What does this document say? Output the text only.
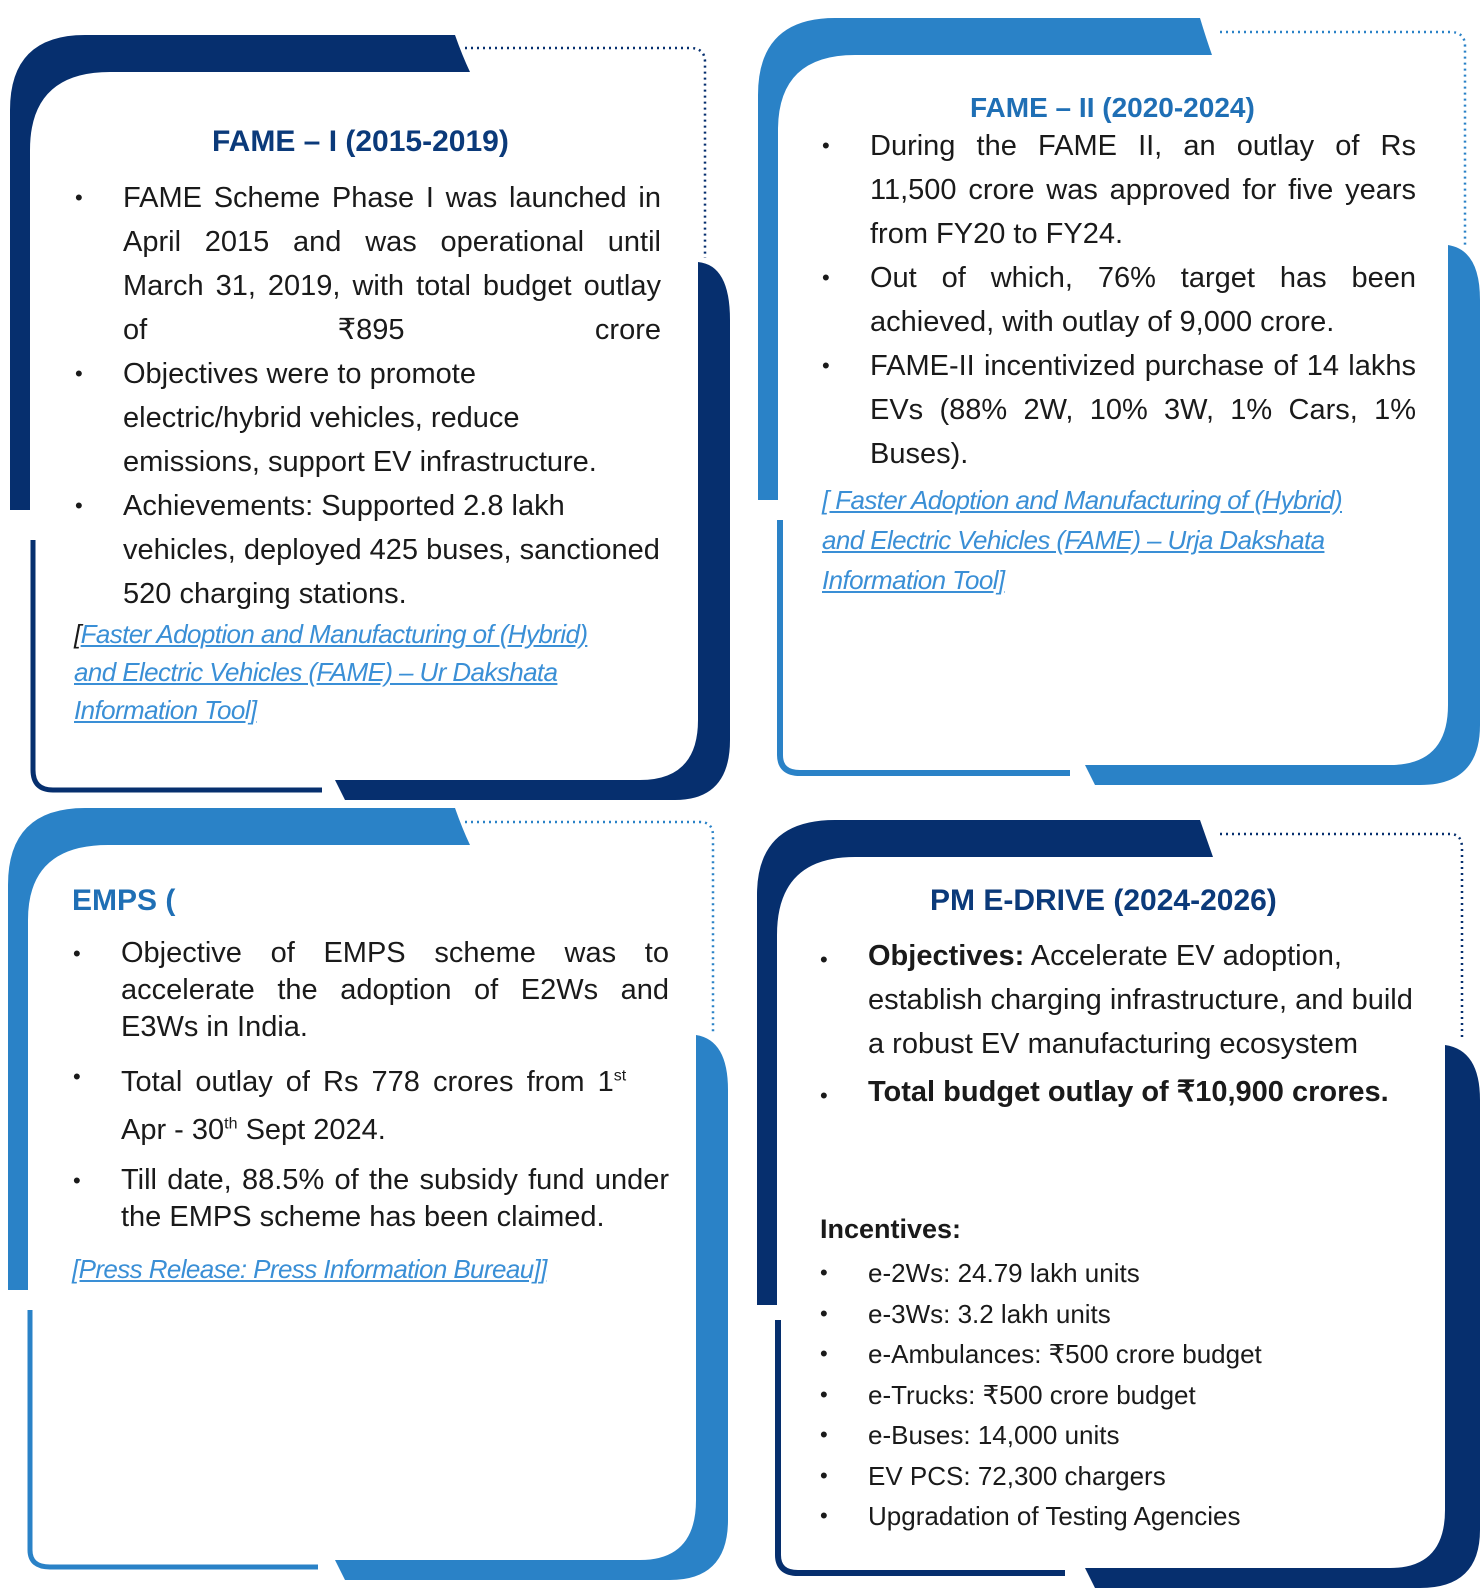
FAME – I (2015-2019)
• FAME Scheme Phase I was launched in April 2015 and was operational until March 31, 2019, with total budget outlay of ₹895 crore
• Objectives were to promote electric/hybrid vehicles, reduce emissions, support EV infrastructure.
• Achievements: Supported 2.8 lakh vehicles, deployed 425 buses, sanctioned 520 charging stations.
[Faster Adoption and Manufacturing of (Hybrid) and Electric Vehicles (FAME) – Ur Dakshata Information Tool]
FAME – II (2020-2024)
• During the FAME II, an outlay of Rs 11,500 crore was approved for five years from FY20 to FY24.
• Out of which, 76% target has been achieved, with outlay of 9,000 crore.
• FAME-II incentivized purchase of 14 lakhs EVs (88% 2W, 10% 3W, 1% Cars, 1% Buses).
[ Faster Adoption and Manufacturing of (Hybrid) and Electric Vehicles (FAME) – Urja Dakshata Information Tool]
EMPS (
• Objective of EMPS scheme was to accelerate the adoption of E2Ws and E3Ws in India.
• Total outlay of Rs 778 crores from 1st
Apr - 30th Sept 2024.
• Till date, 88.5% of the subsidy fund under the EMPS scheme has been claimed.
[Press Release: Press Information Bureau]]
PM E-DRIVE (2024-2026)
• Objectives: Accelerate EV adoption, establish charging infrastructure, and build a robust EV manufacturing ecosystem
• Total budget outlay of ₹10,900 crores.
Incentives:
• e-2Ws: 24.79 lakh units
• e-3Ws: 3.2 lakh units
• e-Ambulances: ₹500 crore budget
• e-Trucks: ₹500 crore budget
• e-Buses: 14,000 units
• EV PCS: 72,300 chargers
• Upgradation of Testing Agencies
